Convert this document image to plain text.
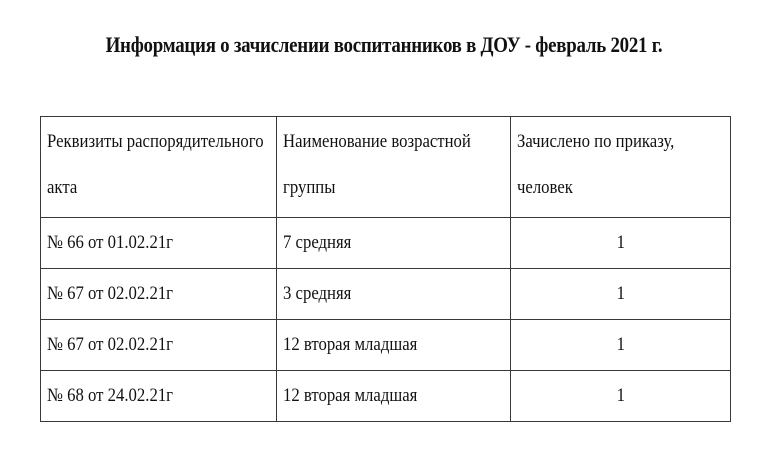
Информация о зачислении воспитанников в ДОУ - февраль 2021 г.
Реквизиты распорядительного акта	Наименование возрастной группы	Зачислено по приказу, человек

№ 66 от 01.02.21г	7 средняя	1
№ 67 от 02.02.21г	3 средняя	1
№ 67 от 02.02.21г	12 вторая младшая	1
№ 68 от 24.02.21г	12 вторая младшая	1
